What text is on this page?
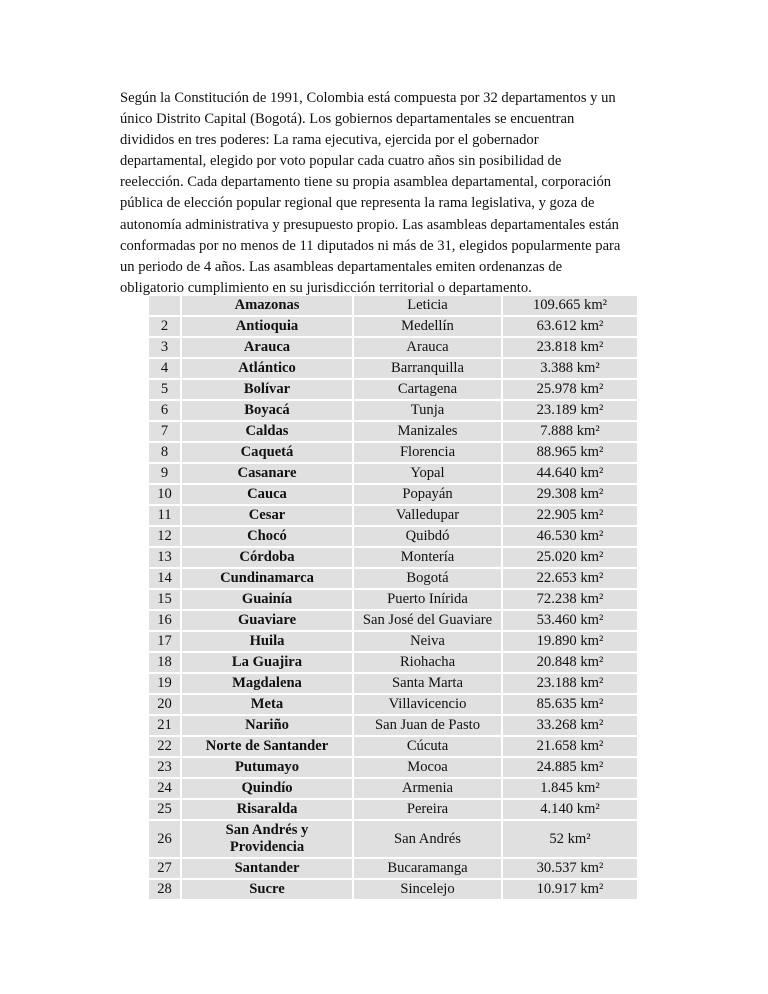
Según la Constitución de 1991, Colombia está compuesta por 32 departamentos y un
único Distrito Capital (Bogotá). Los gobiernos departamentales se encuentran
divididos en tres poderes: La rama ejecutiva, ejercida por el gobernador
departamental, elegido por voto popular cada cuatro años sin posibilidad de
reelección. Cada departamento tiene su propia asamblea departamental, corporación
pública de elección popular regional que representa la rama legislativa, y goza de
autonomía administrativa y presupuesto propio. Las asambleas departamentales están
conformadas por no menos de 11 diputados ni más de 31, elegidos popularmente para
un periodo de 4 años. Las asambleas departamentales emiten ordenanzas de
obligatorio cumplimiento en su jurisdicción territorial o departamento.
	Amazonas	Leticia	109.665 km²
2	Antioquia	Medellín	63.612 km²
3	Arauca	Arauca	23.818 km²
4	Atlántico	Barranquilla	3.388 km²
5	Bolívar	Cartagena	25.978 km²
6	Boyacá	Tunja	23.189 km²
7	Caldas	Manizales	7.888 km²
8	Caquetá	Florencia	88.965 km²
9	Casanare	Yopal	44.640 km²
10	Cauca	Popayán	29.308 km²
11	Cesar	Valledupar	22.905 km²
12	Chocó	Quibdó	46.530 km²
13	Córdoba	Montería	25.020 km²
14	Cundinamarca	Bogotá	22.653 km²
15	Guainía	Puerto Inírida	72.238 km²
16	Guaviare	San José del Guaviare	53.460 km²
17	Huila	Neiva	19.890 km²
18	La Guajira	Riohacha	20.848 km²
19	Magdalena	Santa Marta	23.188 km²
20	Meta	Villavicencio	85.635 km²
21	Nariño	San Juan de Pasto	33.268 km²
22	Norte de Santander	Cúcuta	21.658 km²
23	Putumayo	Mocoa	24.885 km²
24	Quindío	Armenia	1.845 km²
25	Risaralda	Pereira	4.140 km²
26	San Andrés y Providencia	San Andrés	52 km²
27	Santander	Bucaramanga	30.537 km²
28	Sucre	Sincelejo	10.917 km²
